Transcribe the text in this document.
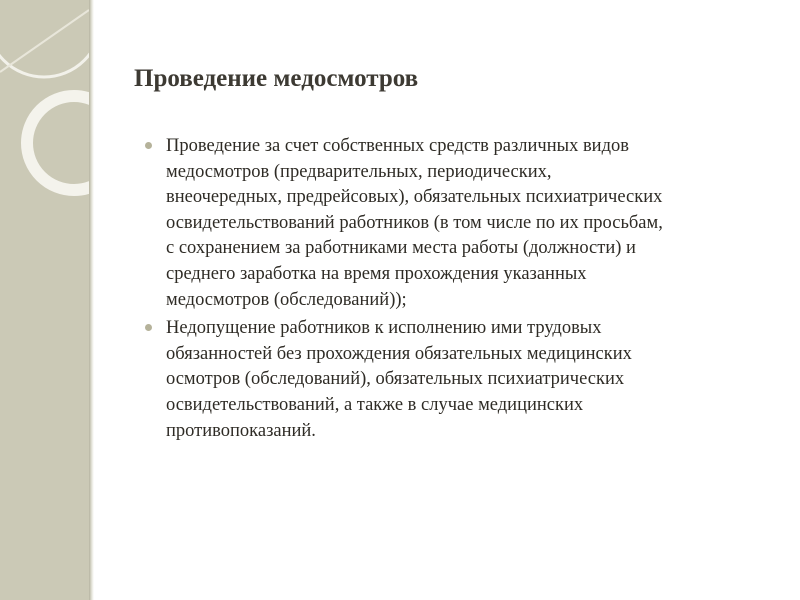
Проведение медосмотров
Проведение за счет собственных средств различных видов
медосмотров (предварительных, периодических,
внеочередных, предрейсовых), обязательных психиатрических
освидетельствований работников (в том числе по их просьбам,
с сохранением за работниками места работы (должности) и
среднего заработка на время прохождения указанных
медосмотров (обследований));
Недопущение работников к исполнению ими трудовых
обязанностей без прохождения обязательных медицинских
осмотров (обследований), обязательных психиатрических
освидетельствований, а также в случае медицинских
противопоказаний.
